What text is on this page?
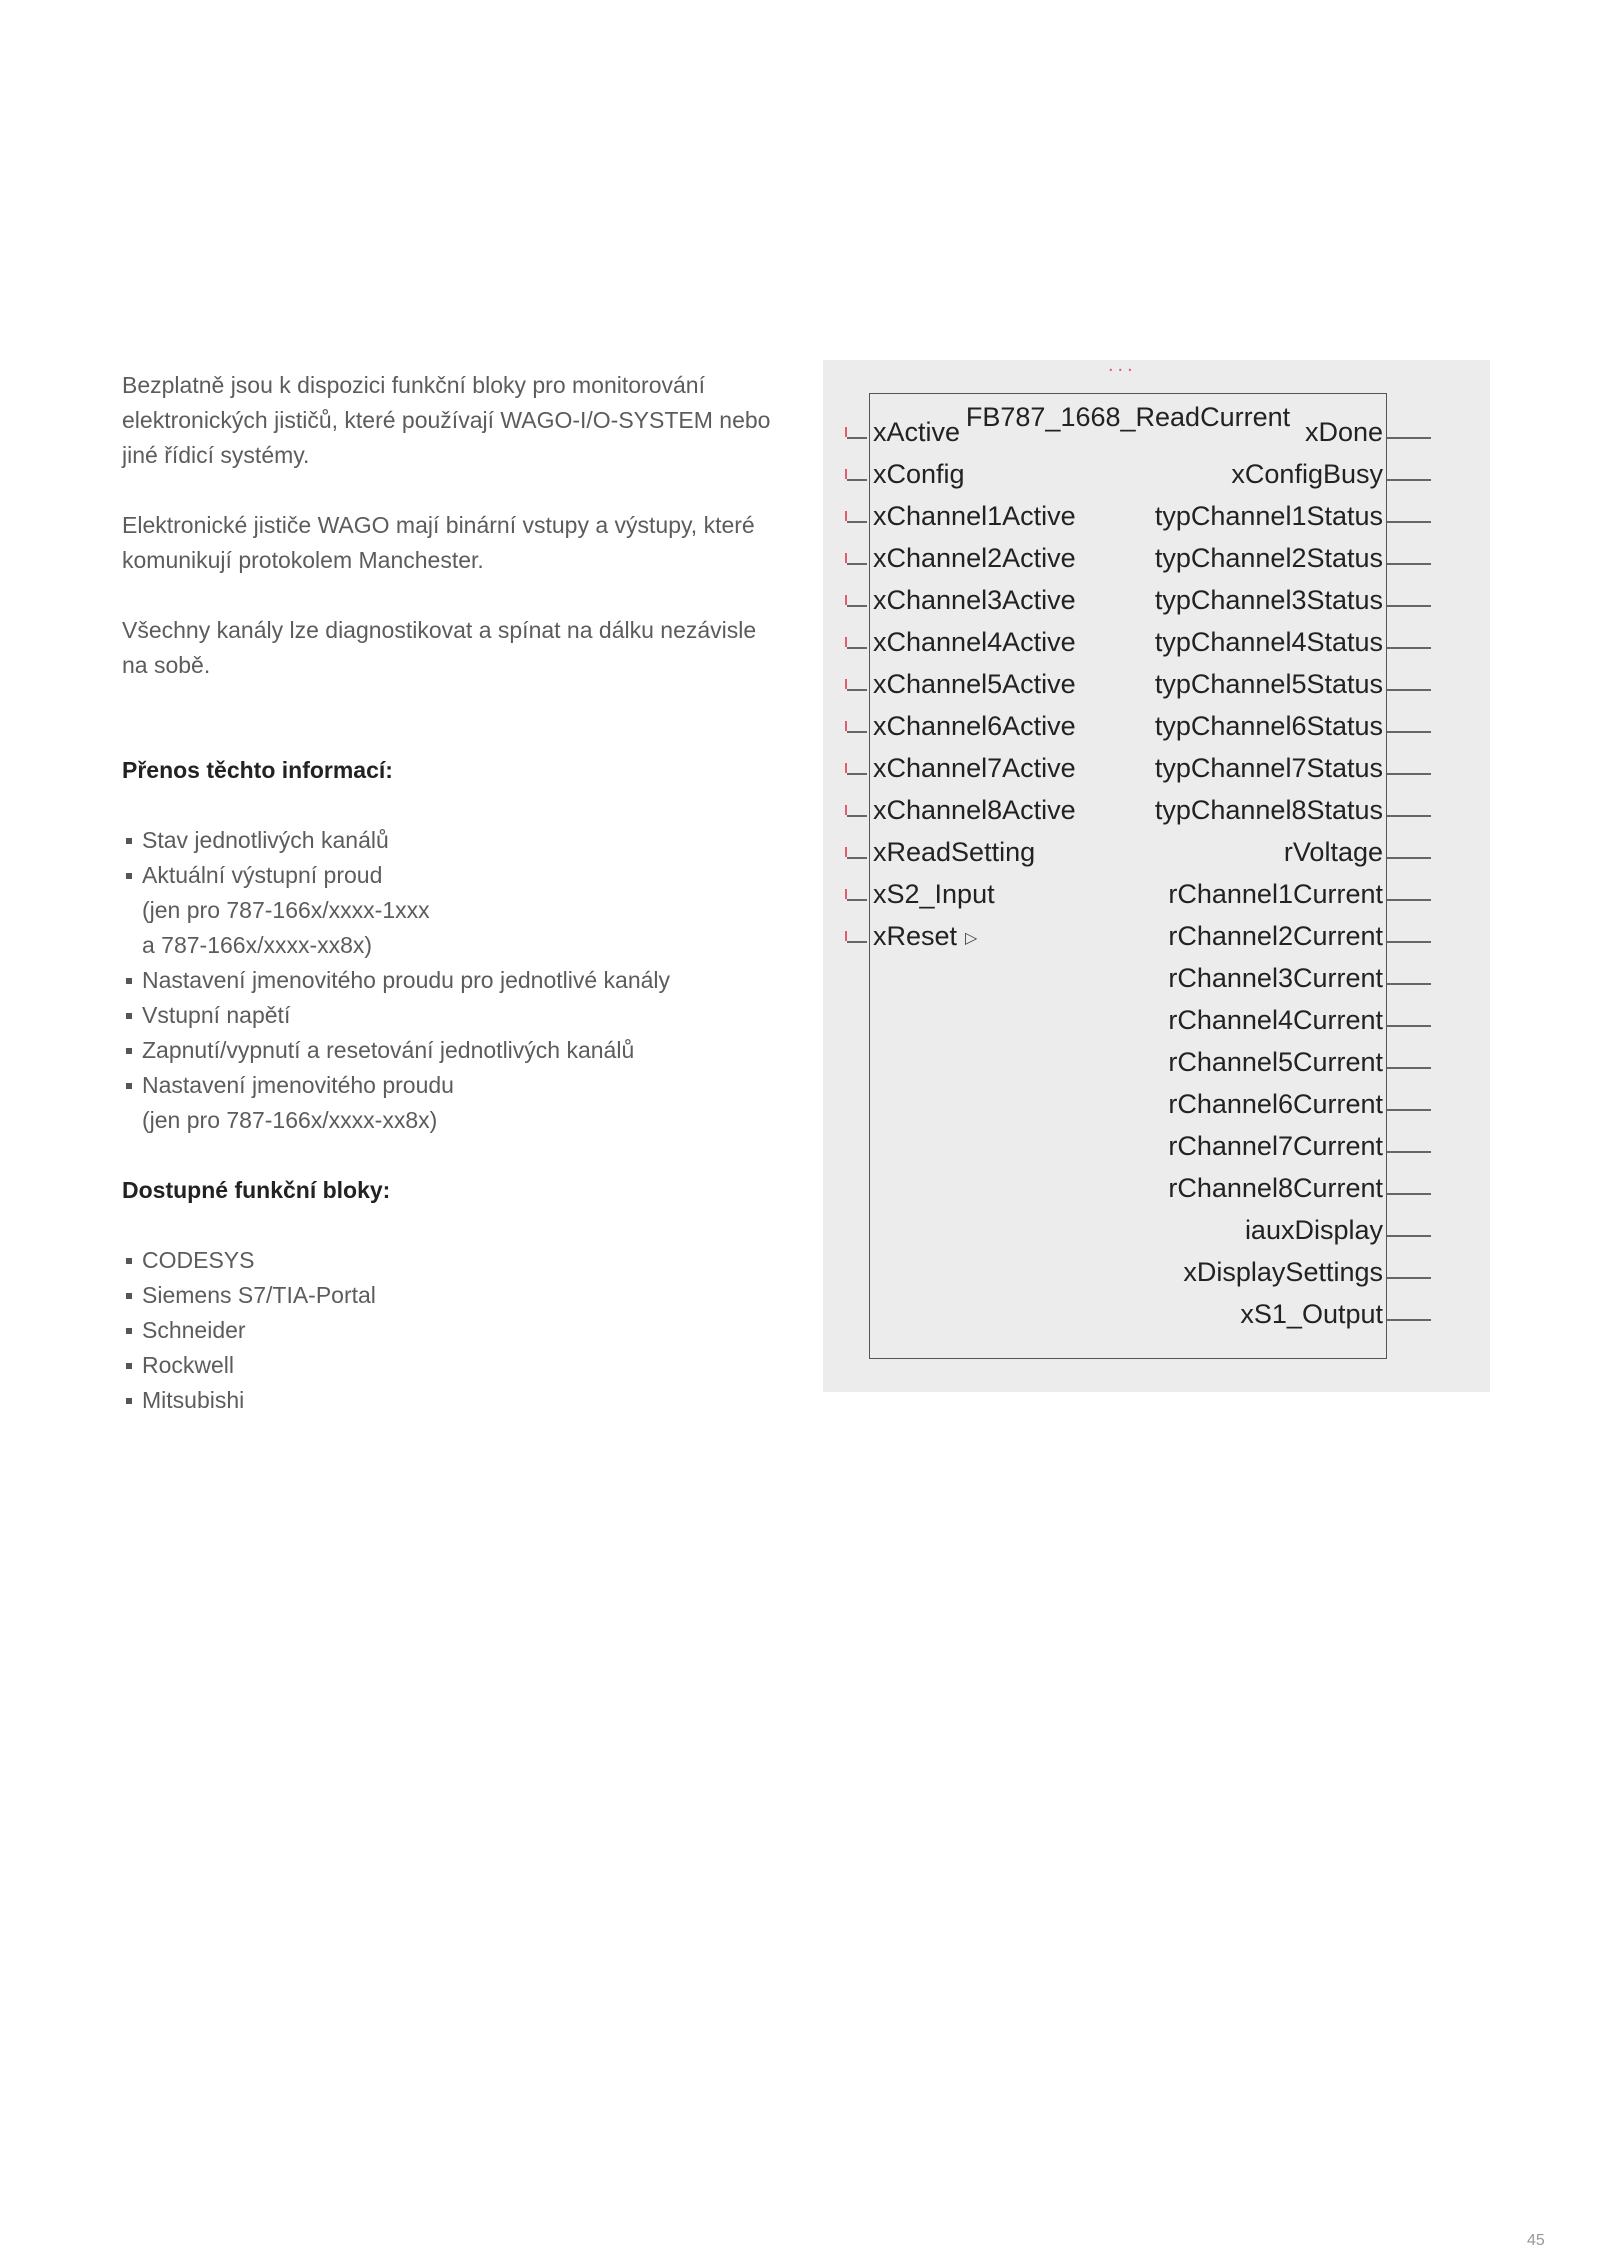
Bezplatně jsou k dispozici funkční bloky pro monitorování elektronických jističů, které používají WAGO-I/O-SYSTEM nebo jiné řídicí systémy.

Elektronické jističe WAGO mají binární vstupy a výstupy, které komunikují protokolem Manchester.

Všechny kanály lze diagnostikovat a spínat na dálku nezávisle na sobě.

Přenos těchto informací:
Stav jednotlivých kanálů
Aktuální výstupní proud
(jen pro 787-166x/xxxx-1xxx
a 787-166x/xxxx-xx8x)
Nastavení jmenovitého proudu pro jednotlivé kanály
Vstupní napětí
Zapnutí/vypnutí a resetování jednotlivých kanálů
Nastavení jmenovitého proudu
(jen pro 787-166x/xxxx-xx8x)
Dostupné funkční bloky:
CODESYS
Siemens S7/TIA-Portal
Schneider
Rockwell
Mitsubishi
...
FB787_1668_ReadCurrent
xActive
xConfig
xChannel1Active
xChannel2Active
xChannel3Active
xChannel4Active
xChannel5Active
xChannel6Active
xChannel7Active
xChannel8Active
xReadSetting
xS2_Input
xReset ▷
xDone
xConfigBusy
typChannel1Status
typChannel2Status
typChannel3Status
typChannel4Status
typChannel5Status
typChannel6Status
typChannel7Status
typChannel8Status
rVoltage
rChannel1Current
rChannel2Current
rChannel3Current
rChannel4Current
rChannel5Current
rChannel6Current
rChannel7Current
rChannel8Current
iauxDisplay
xDisplaySettings
xS1_Output
45
